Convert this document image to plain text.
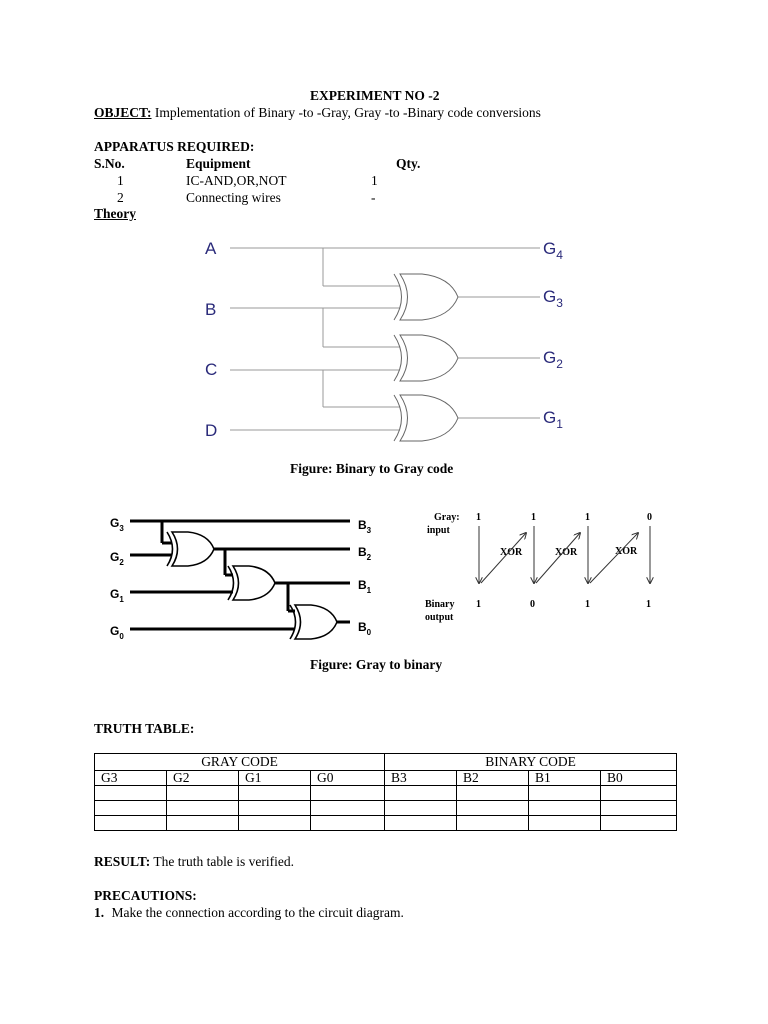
EXPERIMENT NO -2
OBJECT: Implementation of Binary -to -Gray, Gray -to -Binary code conversions
APPARATUS REQUIRED:
S.No.	Equipment	Qty.
1	IC-AND,OR,NOT	1
2	Connecting wires	-
Theory
A
B
C
D
$G_4$
$G_3$
$G_2$
$G_1$
Figure: Binary to Gray code
$G_3$
$G_2$
$G_1$
$G_0$
$B_3$
$B_2$
$B_1$
$B_0$
Gray:
input
1	1	1	0
XOR	XOR	XOR
Binary
output
1	0	1	1
Figure: Gray to binary
TRUTH TABLE:
GRAY CODE				BINARY CODE			
G3	G2	G1	G0	B3	B2	B1	B0

RESULT: The truth table is verified.
PRECAUTIONS:
1. Make the connection according to the circuit diagram.
